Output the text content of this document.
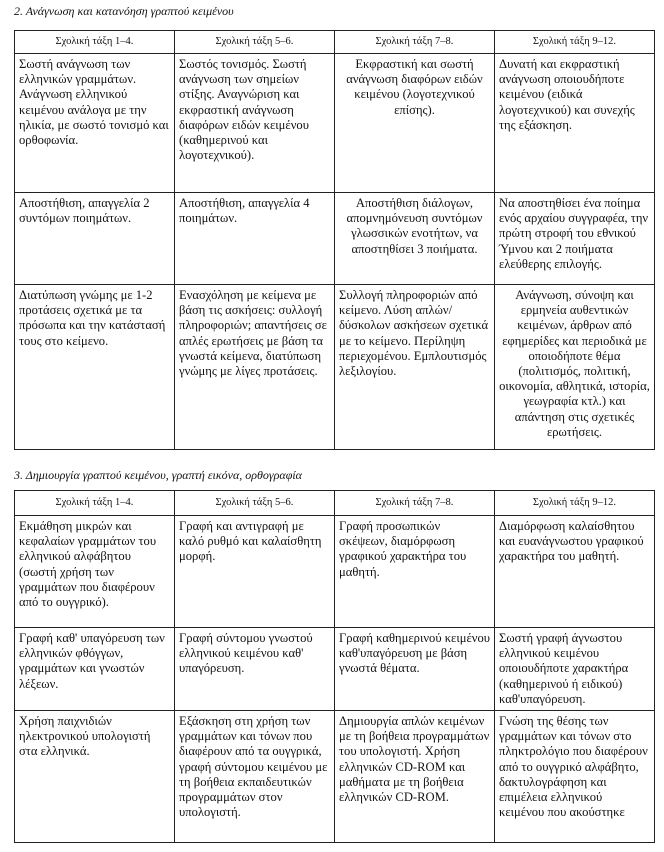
2. Ανάγνωση και κατανόηση γραπτού κειμένου
Σχολική τάξη 1–4.	Σχολική τάξη 5–6.	Σχολική τάξη 7–8.	Σχολική τάξη 9–12.
Σωστή ανάγνωση των ελληνικών γραμμάτων. Ανάγνωση ελληνικού κειμένου ανάλογα με την ηλικία, με σωστό τονισμό και ορθοφωνία.	Σωστός τονισμός. Σωστή ανάγνωση των σημείων στίξης. Αναγνώριση και εκφραστική ανάγνωση διαφόρων ειδών κειμένου (καθημερινού και λογοτεχνικού).	Εκφραστική και σωστή ανάγνωση διαφόρων ειδών κειμένου (λογοτεχνικού επίσης).	Δυνατή και εκφραστική ανάγνωση οποιουδήποτε κειμένου (ειδικά λογοτεχνικού) και συνεχής της εξάσκηση.
Αποστήθιση, απαγγελία 2 συντόμων ποιημάτων.	Αποστήθιση, απαγγελία 4 ποιημάτων.	Αποστήθιση διάλογων, απομνημόνευση συντόμων γλωσσικών ενοτήτων, να αποστηθίσει 3 ποιήματα.	Να αποστηθίσει ένα ποίημα ενός αρχαίου συγγραφέα, την πρώτη στροφή του εθνικού Ύμνου και 2 ποιήματα ελεύθερης επιλογής.
Διατύπωση γνώμης με 1-2 προτάσεις σχετικά με τα πρόσωπα και την κατάστασή τους στο κείμενο.	Ενασχόληση με κείμενα με βάση τις ασκήσεις: συλλογή πληροφοριών; απαντήσεις σε απλές ερωτήσεις με βάση τα γνωστά κείμενα, διατύπωση γνώμης με λίγες προτάσεις.	Συλλογή πληροφοριών από κείμενο. Λύση απλών/δύσκολων ασκήσεων σχετικά με το κείμενο. Περίληψη περιεχομένου. Εμπλουτισμός λεξιλογίου.	Ανάγνωση, σύνοψη και ερμηνεία αυθεντικών κειμένων, άρθρων από εφημερίδες και περιοδικά με οποιοδήποτε θέμα (πολιτισμός, πολιτική, οικονομία, αθλητικά, ιστορία, γεωγραφία κτλ.) και απάντηση στις σχετικές ερωτήσεις.
3. Δημιουργία γραπτού κειμένου, γραπτή εικόνα, ορθογραφία
Σχολική τάξη 1–4.	Σχολική τάξη 5–6.	Σχολική τάξη 7–8.	Σχολική τάξη 9–12.
Εκμάθηση μικρών και κεφαλαίων γραμμάτων του ελληνικού αλφάβητου (σωστή χρήση των γραμμάτων που διαφέρουν από το ουγγρικό).	Γραφή και αντιγραφή με καλό ρυθμό και καλαίσθητη μορφή.	Γραφή προσωπικών σκέψεων, διαμόρφωση γραφικού χαρακτήρα του μαθητή.	Διαμόρφωση καλαίσθητου και ευανάγνωστου γραφικού χαρακτήρα του μαθητή.
Γραφή καθ' υπαγόρευση των ελληνικών φθόγγων, γραμμάτων και γνωστών λέξεων.	Γραφή σύντομου γνωστού ελληνικού κειμένου καθ' υπαγόρευση.	Γραφή καθημερινού κειμένου καθ'υπαγόρευση με βάση γνωστά θέματα.	Σωστή γραφή άγνωστου ελληνικού κειμένου οποιουδήποτε χαρακτήρα (καθημερινού ή ειδικού) καθ'υπαγόρευση.
Χρήση παιχνιδιών ηλεκτρονικού υπολογιστή στα ελληνικά.	Εξάσκηση στη χρήση των γραμμάτων και τόνων που διαφέρουν από τα ουγγρικά, γραφή σύντομου κειμένου με τη βοήθεια εκπαιδευτικών προγραμμάτων στον υπολογιστή.	Δημιουργία απλών κειμένων με τη βοήθεια προγραμμάτων του υπολογιστή. Χρήση ελληνικών CD-ROM και μαθήματα με τη βοήθεια ελληνικών CD-ROM.	Γνώση της θέσης των γραμμάτων και τόνων στο πληκτρολόγιο που διαφέρουν από το ουγγρικό αλφάβητο, δακτυλογράφηση και επιμέλεια ελληνικού κειμένου που ακούστηκε
